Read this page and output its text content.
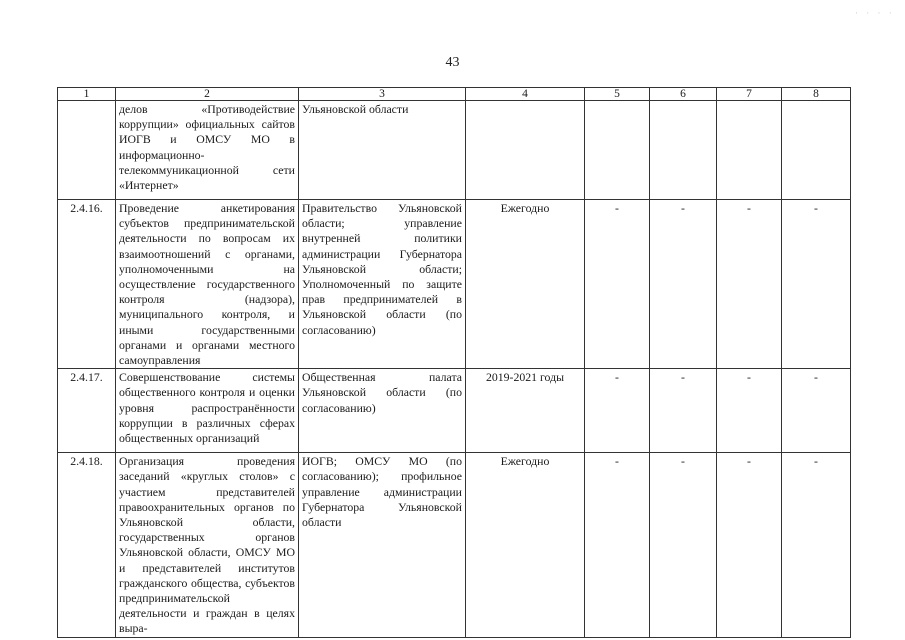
· · · ·
43
1	2	3	4	5	6	7	8
	делов «Противодействие коррупции» официальных сайтов ИОГВ и ОМСУ МО в информационно-телекоммуникационной сети «Интернет»	Ульяновской области					
2.4.16.	Проведение анкетирования субъектов предпринимательской деятельности по вопросам их взаимоотношений с органами, уполномоченными на осуществление государственного контроля (надзора), муниципального контроля, и иными государственными органами и органами местного самоуправления	Правительство Ульяновской области; управление внутренней политики администрации Губернатора Ульяновской области; Уполномоченный по защите прав предпринимателей в Ульяновской области (по согласованию)	Ежегодно	-	-	-	-
2.4.17.	Совершенствование системы общественного контроля и оценки уровня распространённости коррупции в различных сферах общественных организаций	Общественная палата Ульяновской области (по согласованию)	2019-2021 годы	-	-	-	-
2.4.18.	Организация проведения заседаний «круглых столов» с участием представителей правоохранительных органов по Ульяновской области, государственных органов Ульяновской области, ОМСУ МО и представителей институтов гражданского общества, субъектов предпринимательской деятельности и граждан в целях выра-	ИОГВ; ОМСУ МО (по согласованию); профильное управление администрации Губернатора Ульяновской области	Ежегодно	-	-	-	-
